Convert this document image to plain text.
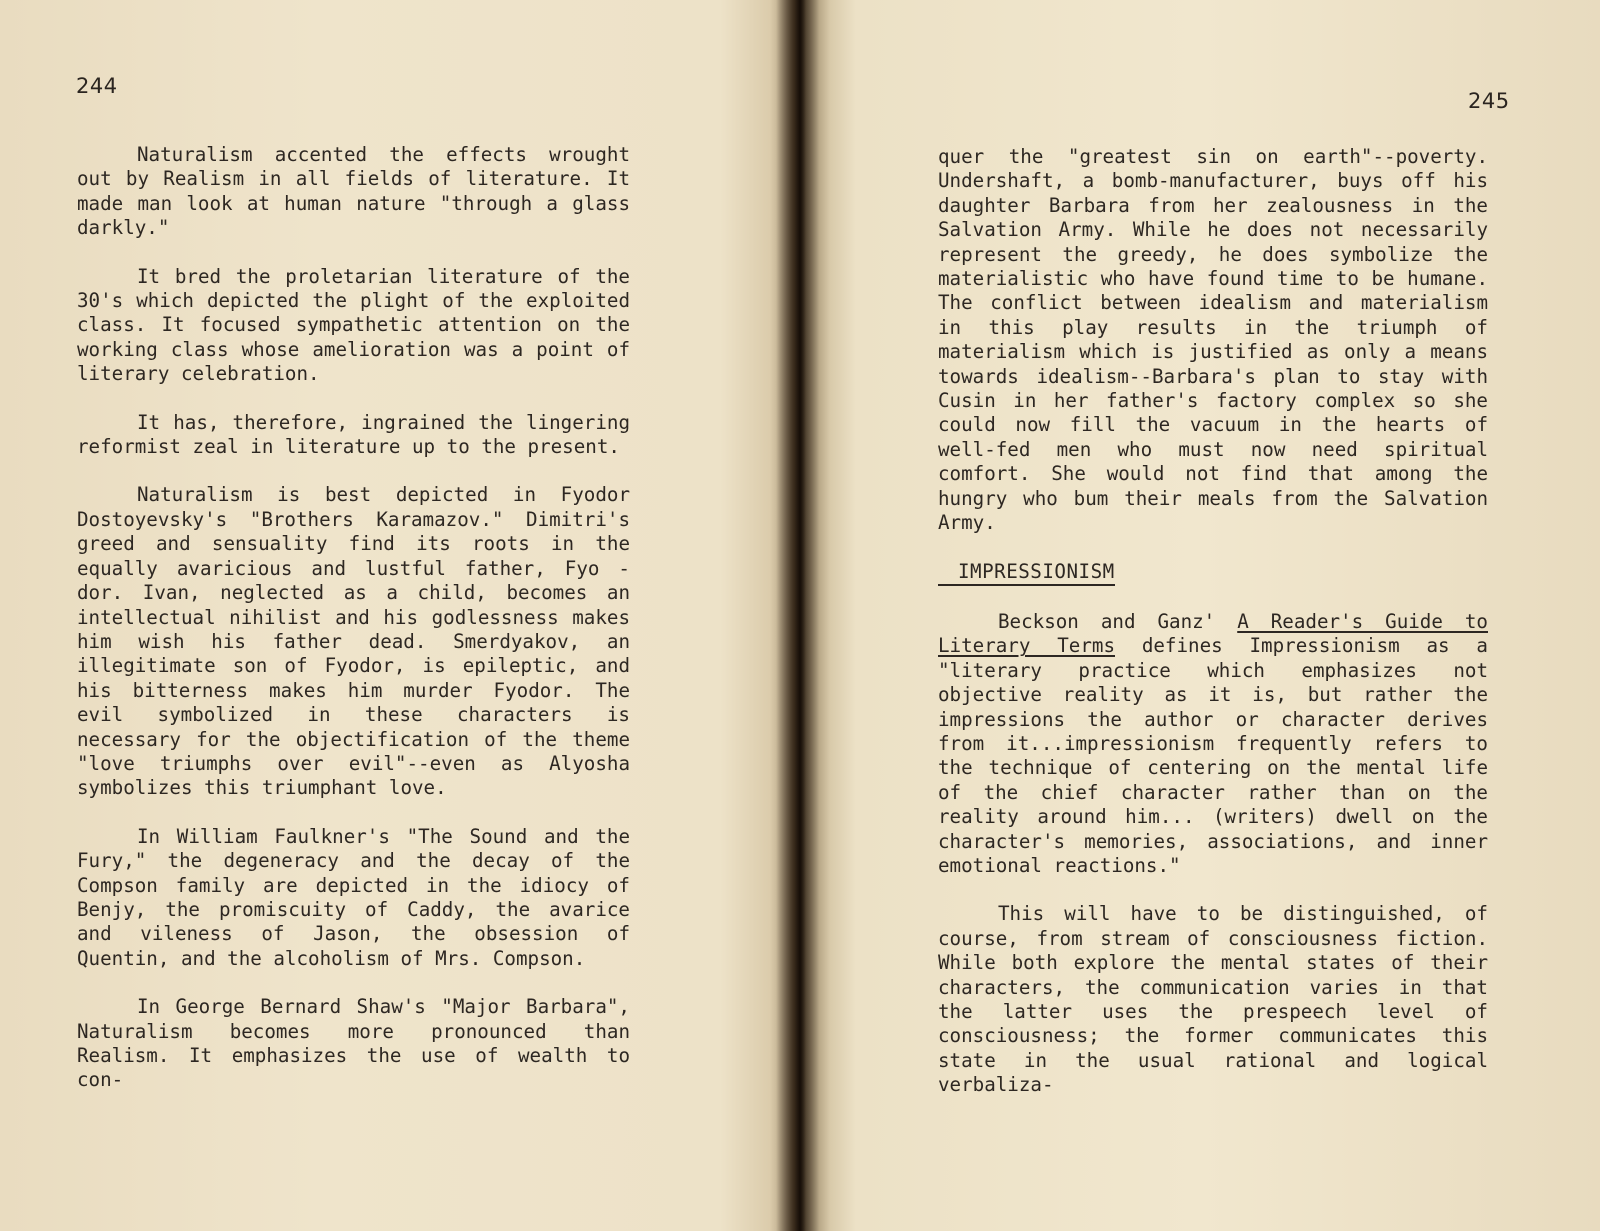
244

Naturalism accented the effects wrought out by Realism in all fields of literature. It made man look at human nature "through a glass darkly."

It bred the proletarian literature of the 30's which depicted the plight of the exploited class. It focused sympathetic attention on the working class whose amelioration was a point of literary celebration.

It has, therefore, ingrained the lingering reformist zeal in literature up to the present.

Naturalism is best depicted in Fyodor Dostoyevsky's "Brothers Karamazov." Dimitri's greed and sensuality find its roots in the equally avaricious and lustful father, Fyo - dor. Ivan, neglected as a child, becomes an intellectual nihilist and his godlessness makes him wish his father dead. Smerdyakov, an illegitimate son of Fyodor, is epileptic, and his bitterness makes him murder Fyodor. The evil symbolized in these characters is necessary for the objectification of the theme "love triumphs over evil"--even as Alyosha symbolizes this triumphant love.

In William Faulkner's "The Sound and the Fury," the degeneracy and the decay of the Compson family are depicted in the idiocy of Benjy, the promiscuity of Caddy, the avarice and vileness of Jason, the obsession of Quentin, and the alcoholism of Mrs. Compson.

In George Bernard Shaw's "Major Barbara", Naturalism becomes more pronounced than Realism. It emphasizes the use of wealth to con-

245

quer the "greatest sin on earth"--poverty. Undershaft, a bomb-manufacturer, buys off his daughter Barbara from her zealousness in the Salvation Army. While he does not necessarily represent the greedy, he does symbolize the materialistic who have found time to be humane. The conflict between idealism and materialism in this play results in the triumph of materialism which is justified as only a means towards idealism--Barbara's plan to stay with Cusin in her father's factory complex so she could now fill the vacuum in the hearts of well-fed men who must now need spiritual comfort. She would not find that among the hungry who bum their meals from the Salvation Army.

IMPRESSIONISM

Beckson and Ganz' A Reader's Guide to Literary Terms defines Impressionism as a "literary practice which emphasizes not objective reality as it is, but rather the impressions the author or character derives from it...impressionism frequently refers to the technique of centering on the mental life of the chief character rather than on the reality around him... (writers) dwell on the character's memories, associations, and inner emotional reactions."

This will have to be distinguished, of course, from stream of consciousness fiction. While both explore the mental states of their characters, the communication varies in that the latter uses the prespeech level of consciousness; the former communicates this state in the usual rational and logical verbaliza-
